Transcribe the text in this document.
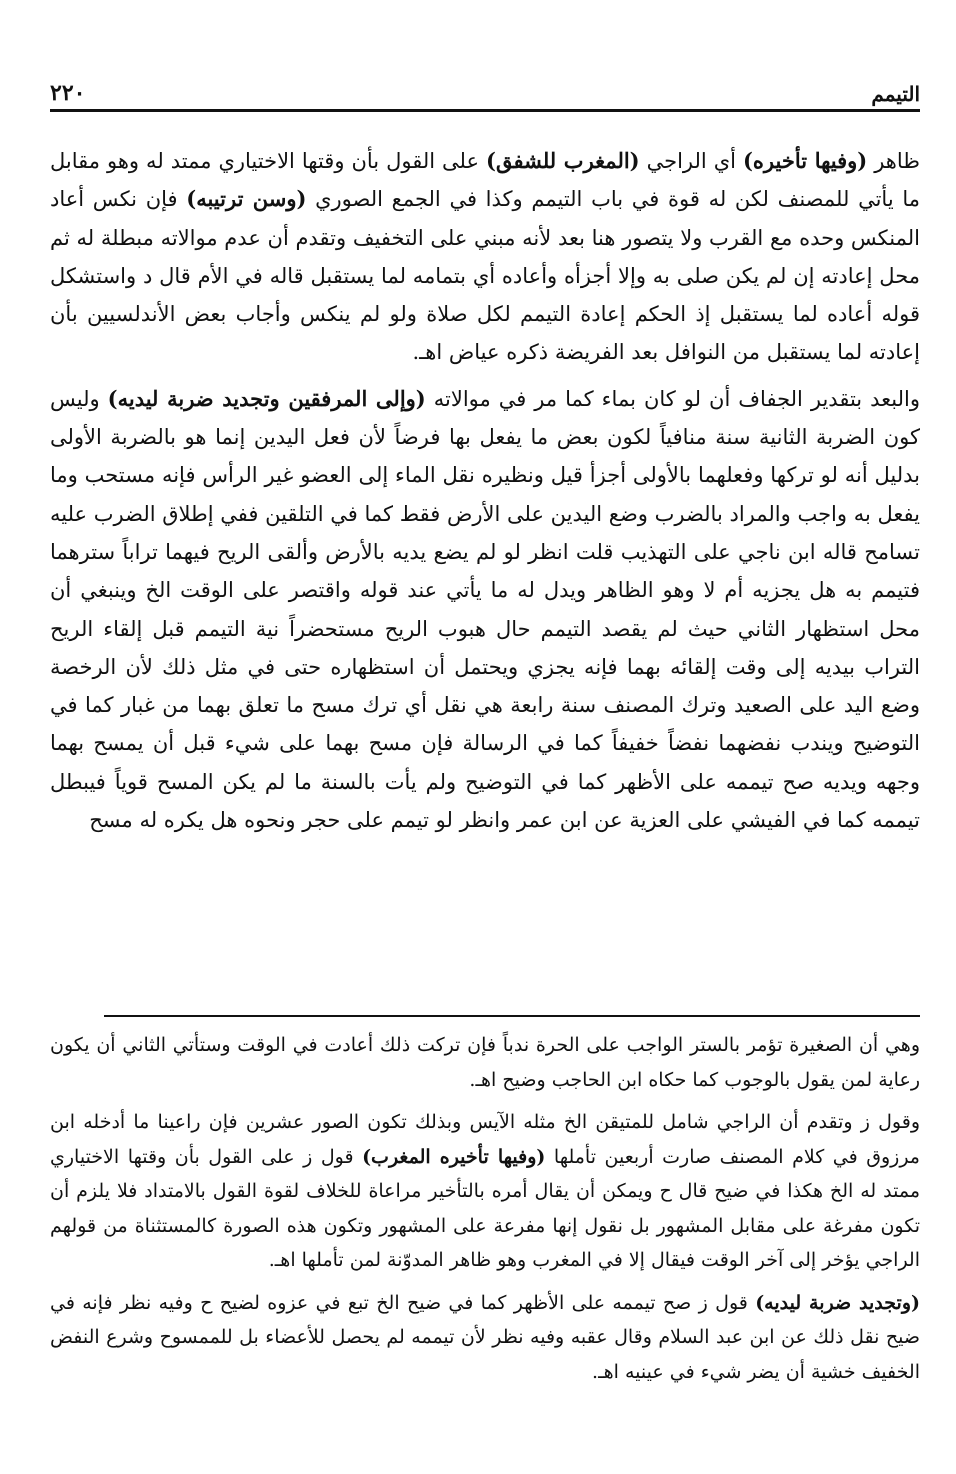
التيمم
٢٢٠

ظاهر (وفيها تأخيره) أي الراجي (المغرب للشفق) على القول بأن وقتها الاختياري ممتد له وهو مقابل ما يأتي للمصنف لكن له قوة في باب التيمم وكذا في الجمع الصوري (وسن ترتيبه) فإن نكس أعاد المنكس وحده مع القرب ولا يتصور هنا بعد لأنه مبني على التخفيف وتقدم أن عدم موالاته مبطلة له ثم محل إعادته إن لم يكن صلى به وإلا أجزأه وأعاده أي بتمامه لما يستقبل قاله في الأم قال د واستشكل قوله أعاده لما يستقبل إذ الحكم إعادة التيمم لكل صلاة ولو لم ينكس وأجاب بعض الأندلسيين بأن إعادته لما يستقبل من النوافل بعد الفريضة ذكره عياض اهـ.

والبعد بتقدير الجفاف أن لو كان بماء كما مر في موالاته (وإلى المرفقين وتجديد ضربة ليديه) وليس كون الضربة الثانية سنة منافياً لكون بعض ما يفعل بها فرضاً لأن فعل اليدين إنما هو بالضربة الأولى بدليل أنه لو تركها وفعلهما بالأولى أجزأ قيل ونظيره نقل الماء إلى العضو غير الرأس فإنه مستحب وما يفعل به واجب والمراد بالضرب وضع اليدين على الأرض فقط كما في التلقين ففي إطلاق الضرب عليه تسامح قاله ابن ناجي على التهذيب قلت انظر لو لم يضع يديه بالأرض وألقى الريح فيهما تراباً سترهما فتيمم به هل يجزيه أم لا وهو الظاهر ويدل له ما يأتي عند قوله واقتصر على الوقت الخ وينبغي أن محل استظهار الثاني حيث لم يقصد التيمم حال هبوب الريح مستحضراً نية التيمم قبل إلقاء الريح التراب بيديه إلى وقت إلقائه بهما فإنه يجزي ويحتمل أن استظهاره حتى في مثل ذلك لأن الرخصة وضع اليد على الصعيد وترك المصنف سنة رابعة هي نقل أي ترك مسح ما تعلق بهما من غبار كما في التوضيح ويندب نفضهما نفضاً خفيفاً كما في الرسالة فإن مسح بهما على شيء قبل أن يمسح بهما وجهه ويديه صح تيممه على الأظهر كما في التوضيح ولم يأت بالسنة ما لم يكن المسح قوياً فيبطل تيممه كما في الفيشي على العزية عن ابن عمر وانظر لو تيمم على حجر ونحوه هل يكره له مسح

وهي أن الصغيرة تؤمر بالستر الواجب على الحرة ندباً فإن تركت ذلك أعادت في الوقت وستأتي الثاني أن يكون رعاية لمن يقول بالوجوب كما حكاه ابن الحاجب وضيح اهـ.

وقول ز وتقدم أن الراجي شامل للمتيقن الخ مثله الآيس وبذلك تكون الصور عشرين فإن راعينا ما أدخله ابن مرزوق في كلام المصنف صارت أربعين تأملها (وفيها تأخيره المغرب) قول ز على القول بأن وقتها الاختياري ممتد له الخ هكذا في ضيح قال ح ويمكن أن يقال أمره بالتأخير مراعاة للخلاف لقوة القول بالامتداد فلا يلزم أن تكون مفرغة على مقابل المشهور بل نقول إنها مفرعة على المشهور وتكون هذه الصورة كالمستثناة من قولهم الراجي يؤخر إلى آخر الوقت فيقال إلا في المغرب وهو ظاهر المدوّنة لمن تأملها اهـ.

(وتجديد ضربة ليديه) قول ز صح تيممه على الأظهر كما في ضيح الخ تبع في عزوه لضيح ح وفيه نظر فإنه في ضيح نقل ذلك عن ابن عبد السلام وقال عقبه وفيه نظر لأن تيممه لم يحصل للأعضاء بل للممسوح وشرع النفض الخفيف خشية أن يضر شيء في عينيه اهـ.
